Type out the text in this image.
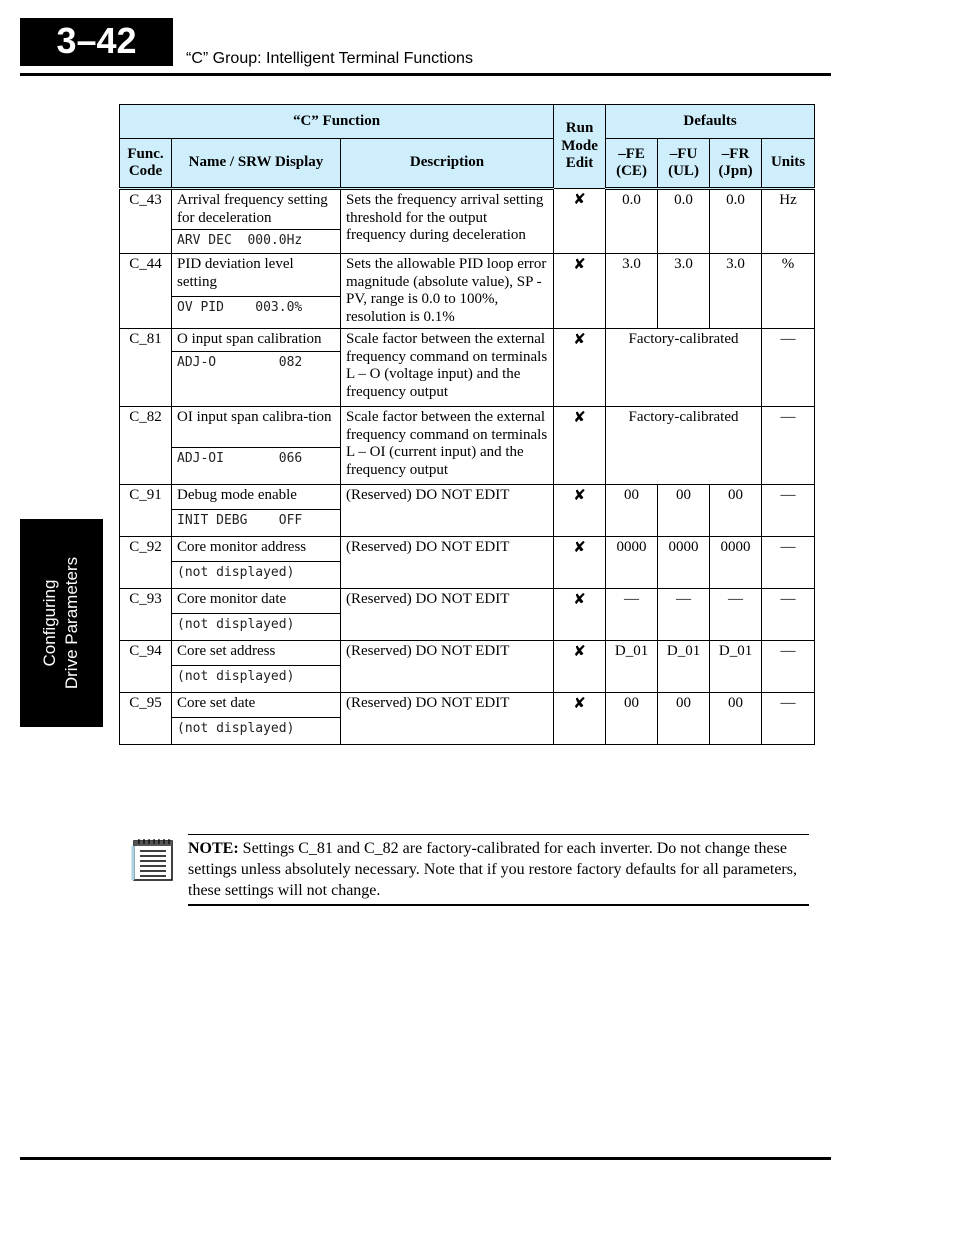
3–42	“C” Group: Intelligent Terminal Functions
Configuring Drive Parameters
“C” Function			Run Mode Edit	Defaults			
Func. Code	Name / SRW Display	Description		–FE (CE)	–FU (UL)	–FR (Jpn)	Units
C_43	Arrival frequency setting for deceleration	Sets the frequency arrival setting threshold for the output frequency during deceleration	✘	0.0	0.0	0.0	Hz
	ARV DEC  000.0Hz						
C_44	PID deviation level setting	Sets the allowable PID loop error magnitude (absolute value), SP - PV, range is 0.0 to 100%, resolution is 0.1%	✘	3.0	3.0	3.0	%
	OV PID    003.0%						
C_81	O input span calibration	Scale factor between the external frequency command on terminals L – O (voltage input) and the frequency output	✘	Factory-calibrated			—
	ADJ-O        082						
C_82	OI input span calibra-tion	Scale factor between the external frequency command on terminals L – OI (current input) and the frequency output	✘	Factory-calibrated			—
	ADJ-OI       066						
C_91	Debug mode enable	(Reserved) DO NOT EDIT	✘	00	00	00	—
	INIT DEBG    OFF						
C_92	Core monitor address	(Reserved) DO NOT EDIT	✘	0000	0000	0000	—
	(not displayed)						
C_93	Core monitor date	(Reserved) DO NOT EDIT	✘	—	—	—	—
	(not displayed)						
C_94	Core set address	(Reserved) DO NOT EDIT	✘	D_01	D_01	D_01	—
	(not displayed)						
C_95	Core set date	(Reserved) DO NOT EDIT	✘	00	00	00	—
	(not displayed)						
NOTE: Settings C_81 and C_82 are factory-calibrated for each inverter. Do not change these settings unless absolutely necessary. Note that if you restore factory defaults for all parameters, these settings will not change.
